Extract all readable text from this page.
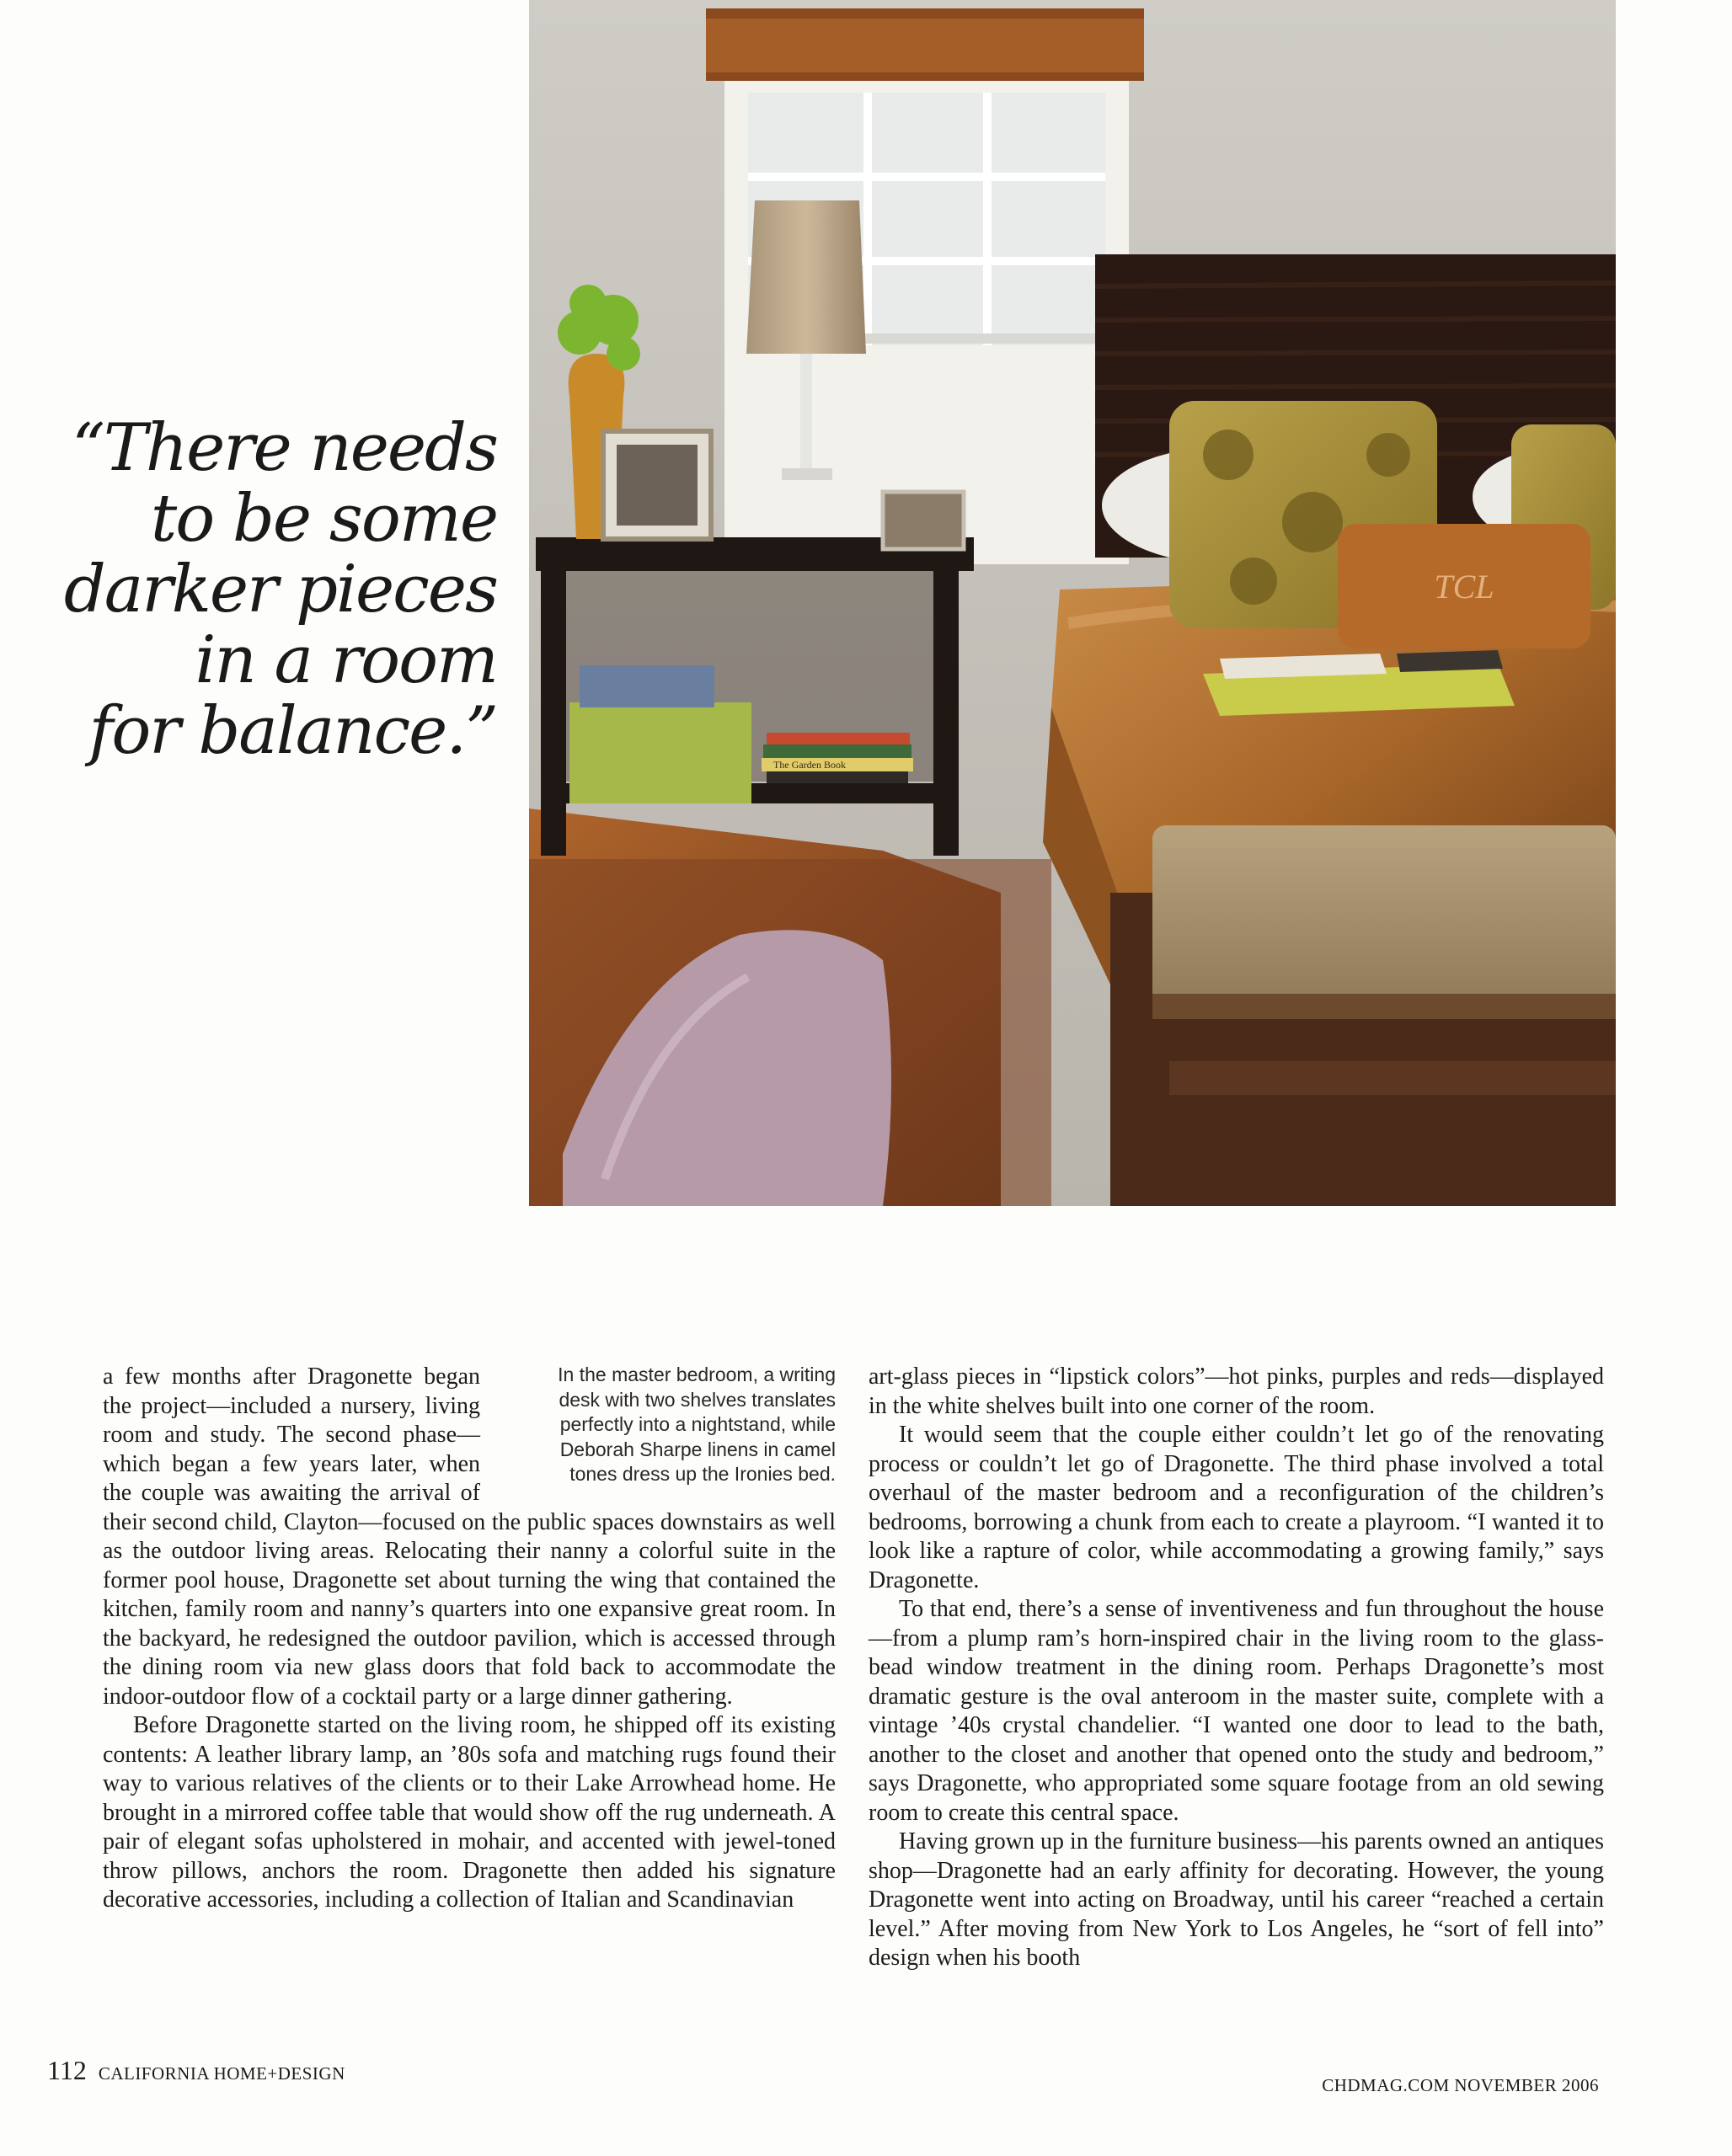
TCL
The Garden Book
“There needs
to be some
darker pieces
in a room
for balance.”
In the master bedroom, a writing
desk with two shelves translates
perfectly into a nightstand, while
Deborah Sharpe linens in camel
tones dress up the Ironies bed.

a few months after Dragonette began the project—included a nursery, living room and study. The second phase—which began a few years later, when the couple was awaiting the arrival of their second child, Clayton—focused on the public spaces downstairs as well as the outdoor living areas. Relocating their nanny a colorful suite in the former pool house, Dragonette set about turning the wing that contained the kitchen, family room and nanny’s quarters into one expansive great room. In the backyard, he redesigned the outdoor pavilion, which is accessed through the dining room via new glass doors that fold back to accommodate the indoor-outdoor flow of a cocktail party or a large dinner gathering.

Before Dragonette started on the living room, he shipped off its existing contents: A leather library lamp, an ’80s sofa and matching rugs found their way to various relatives of the clients or to their Lake Arrowhead home. He brought in a mirrored coffee table that would show off the rug underneath. A pair of elegant sofas upholstered in mohair, and accented with jewel-toned throw pillows, anchors the room. Dragonette then added his signature decorative accessories, including a collection of Italian and Scandinavian

art-glass pieces in “lipstick colors”—hot pinks, purples and reds—displayed in the white shelves built into one corner of the room.

It would seem that the couple either couldn’t let go of the renovating process or couldn’t let go of Dragonette. The third phase involved a total overhaul of the master bedroom and a reconfiguration of the children’s bedrooms, borrowing a chunk from each to create a playroom. “I wanted it to look like a rapture of color, while accommodating a growing family,” says Dragonette.

To that end, there’s a sense of inventiveness and fun throughout the house—from a plump ram’s horn-inspired chair in the living room to the glass-bead window treatment in the dining room. Perhaps Dragonette’s most dramatic gesture is the oval anteroom in the master suite, complete with a vintage ’40s crystal chandelier. “I wanted one door to lead to the bath, another to the closet and another that opened onto the study and bedroom,” says Dragonette, who appropriated some square footage from an old sewing room to create this central space.

Having grown up in the furniture business—his parents owned an antiques shop—Dragonette had an early affinity for decorating. However, the young Dragonette went into acting on Broadway, until his career “reached a certain level.” After moving from New York to Los Angeles, he “sort of fell into” design when his booth

112 CALIFORNIA HOME+DESIGN
CHDMAG.COM NOVEMBER 2006
